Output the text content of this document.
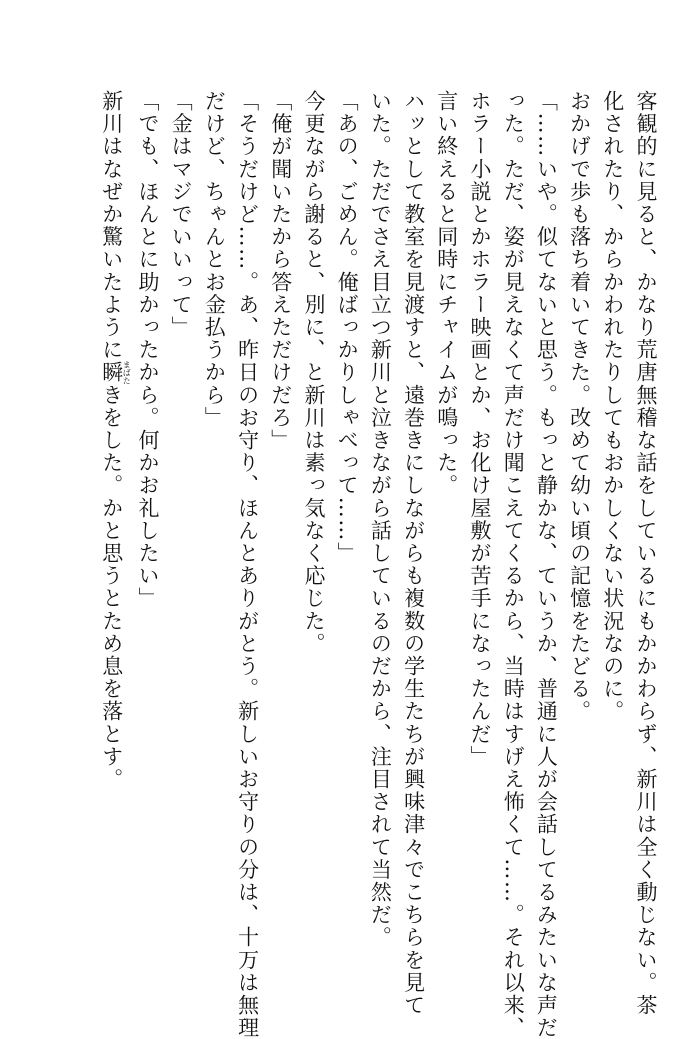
客観的に見ると、かなり荒唐無稽な話をしているにもかかわらず、新川は全く動じない。茶
化されたり、からかわれたりしてもおかしくない状況なのに。
おかげで歩も落ち着いてきた。改めて幼い頃の記憶をたどる。
「……いや。似てないと思う。もっと静かな、ていうか、普通に人が会話してるみたいな声だ
った。ただ、姿が見えなくて声だけ聞こえてくるから、当時はすげえ怖くて……。それ以来、
ホラー小説とかホラー映画とか、お化け屋敷が苦手になったんだ」
言い終えると同時にチャイムが鳴った。
ハッとして教室を見渡すと、遠巻きにしながらも複数の学生たちが興味津々でこちらを見て
いた。ただでさえ目立つ新川と泣きながら話しているのだから、注目されて当然だ。
「あの、ごめん。俺ばっかりしゃべって……」
今更ながら謝ると、別に、と新川は素っ気なく応じた。
「俺が聞いたから答えただけだろ」
「そうだけど……。あ、昨日のお守り、ほんとありがとう。新しいお守りの分は、十万は無理
だけど、ちゃんとお金払うから」
「金はマジでいいって」
「でも、ほんとに助かったから。何かお礼したい」
新川はなぜか驚いたように瞬まばたきをした。かと思うとため息を落とす。
